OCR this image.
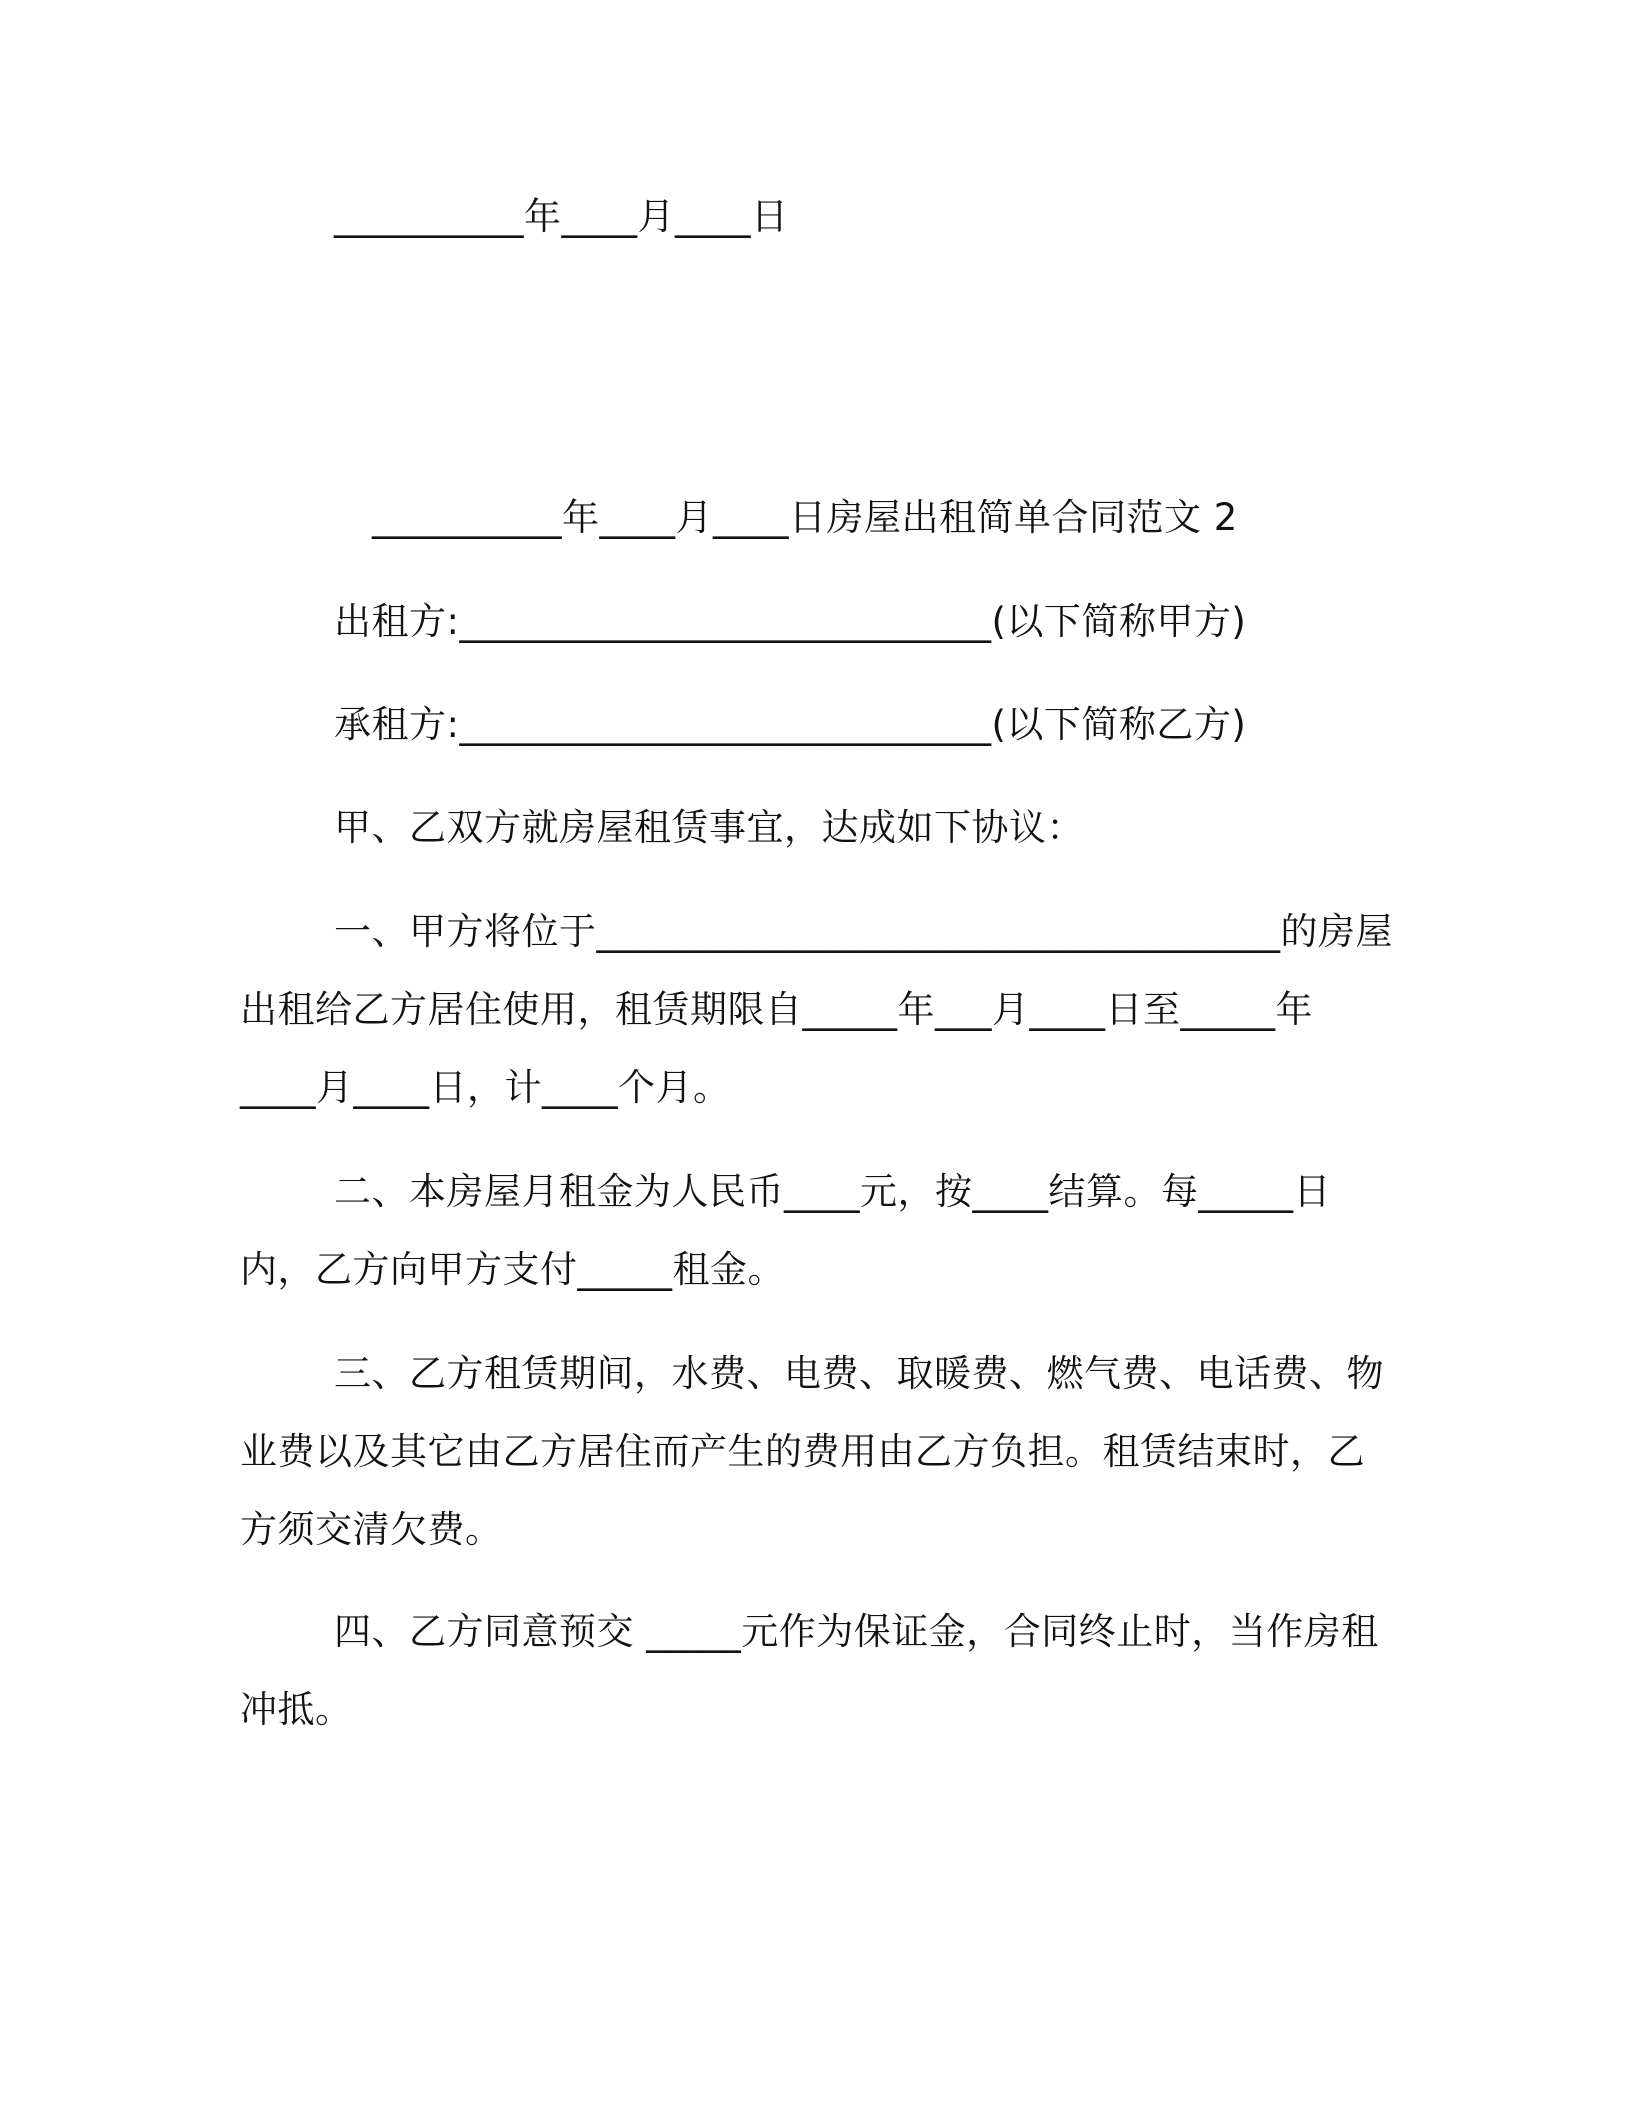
__________年____月____日
__________年____月____日房屋出租简单合同范文 2
出租方:____________________________(以下简称甲方)
承租方:____________________________(以下简称乙方)
甲、乙双方就房屋租赁事宜，达成如下协议：
一、甲方将位于____________________________________的房屋
出租给乙方居住使用，租赁期限自_____年___月____日至_____年
____月____日，计____个月。
二、本房屋月租金为人民币____元，按____结算。每_____日
内，乙方向甲方支付_____租金。
三、乙方租赁期间，水费、电费、取暖费、燃气费、电话费、物
业费以及其它由乙方居住而产生的费用由乙方负担。租赁结束时，乙
方须交清欠费。
四、乙方同意预交 _____元作为保证金，合同终止时，当作房租
冲抵。
